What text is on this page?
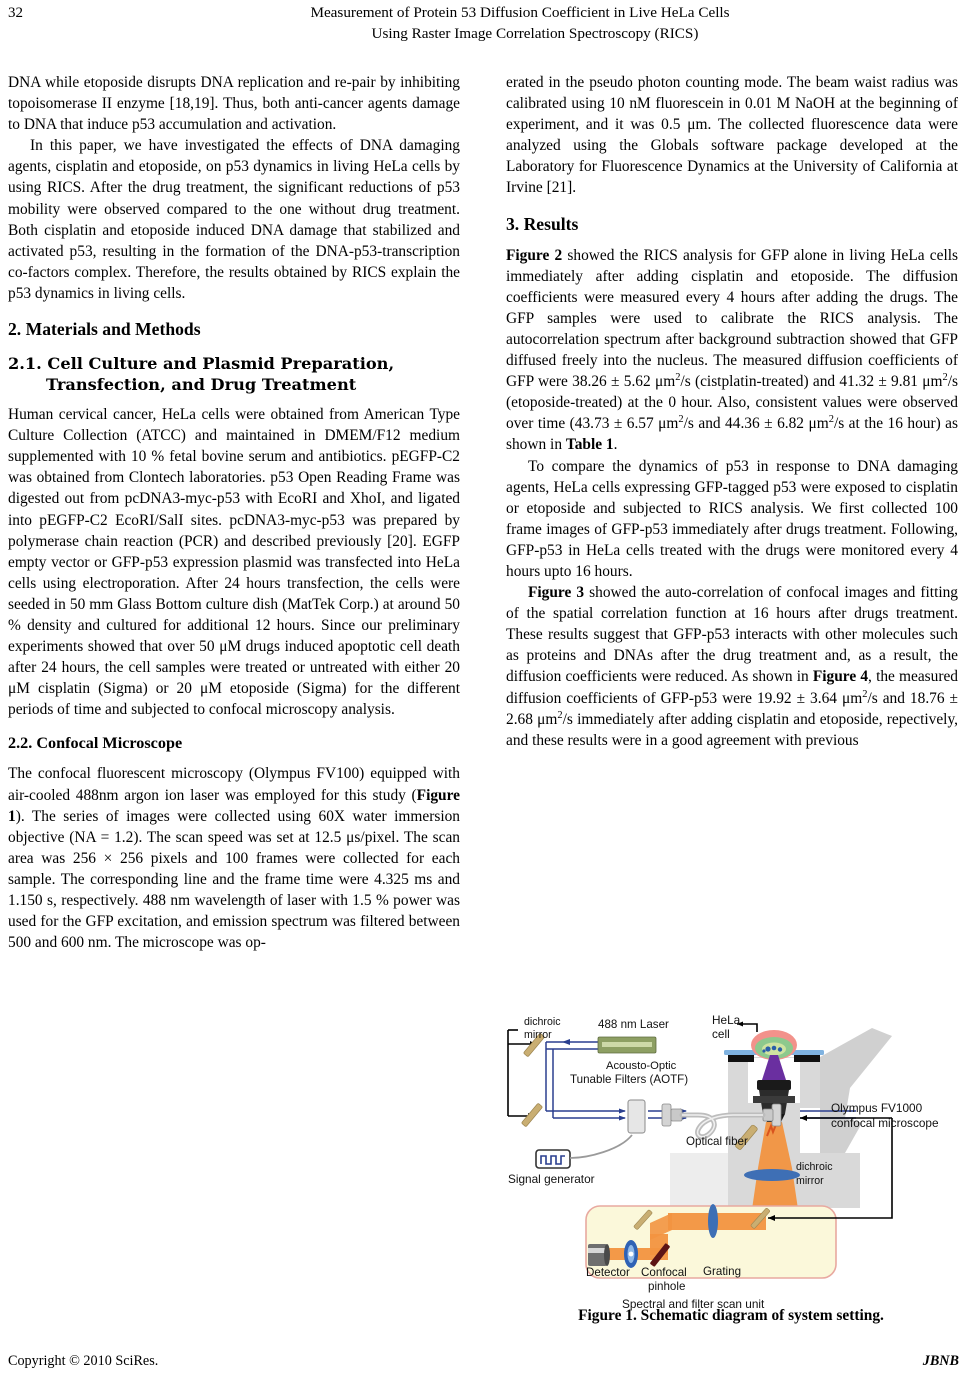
32	Measurement of Protein 53 Diffusion Coefficient in Live HeLa Cells
Using Raster Image Correlation Spectroscopy (RICS)

DNA while etoposide disrupts DNA replication and re-pair by inhibiting topoisomerase II enzyme [18,19]. Thus, both anti-cancer agents damage to DNA that induce p53 accumulation and activation.

In this paper, we have investigated the effects of DNA damaging agents, cisplatin and etoposide, on p53 dynamics in living HeLa cells by using RICS. After the drug treatment, the significant reductions of p53 mobility were observed compared to the one without drug treatment. Both cisplatin and etoposide induced DNA damage that stabilized and activated p53, resulting in the formation of the DNA-p53-transcription co-factors complex. Therefore, the results obtained by RICS explain the p53 dynamics in living cells.

2. Materials and Methods
2.1. Cell Culture and Plasmid Preparation,
Transfection, and Drug Treatment

Human cervical cancer, HeLa cells were obtained from American Type Culture Collection (ATCC) and maintained in DMEM/F12 medium supplemented with 10 % fetal bovine serum and antibiotics. pEGFP-C2 was obtained from Clontech laboratories. p53 Open Reading Frame was digested out from pcDNA3-myc-p53 with EcoRI and XhoI, and ligated into pEGFP-C2 EcoRI/SalI sites. pcDNA3-myc-p53 was prepared by polymerase chain reaction (PCR) and described previously [20]. EGFP empty vector or GFP-p53 expression plasmid was transfected into HeLa cells using electroporation. After 24 hours transfection, the cells were seeded in 50 mm Glass Bottom culture dish (MatTek Corp.) at around 50 % density and cultured for additional 12 hours. Since our preliminary experiments showed that over 50 μM drugs induced apoptotic cell death after 24 hours, the cell samples were treated or untreated with either 20 μM cisplatin (Sigma) or 20 μM etoposide (Sigma) for the different periods of time and subjected to confocal microscopy analysis.

2.2. Confocal Microscope

The confocal fluorescent microscopy (Olympus FV100) equipped with air-cooled 488nm argon ion laser was employed for this study (Figure 1). The series of images were collected using 60X water immersion objective (NA = 1.2). The scan speed was set at 12.5 μs/pixel. The scan area was 256 × 256 pixels and 100 frames were collected for each sample. The corresponding line and the frame time were 4.325 ms and 1.150 s, respectively. 488 nm wavelength of laser with 1.5 % power was used for the GFP excitation, and emission spectrum was filtered between 500 and 600 nm. The microscope was op-

erated in the pseudo photon counting mode. The beam waist radius was calibrated using 10 nM fluorescein in 0.01 M NaOH at the beginning of experiment, and it was 0.5 μm. The collected fluorescence data were analyzed using the Globals software package developed at the Laboratory for Fluorescence Dynamics at the University of California at Irvine [21].

3. Results

Figure 2 showed the RICS analysis for GFP alone in living HeLa cells immediately after adding cisplatin and etoposide. The diffusion coefficients were measured every 4 hours after adding the drugs. The GFP samples were used to calibrate the RICS analysis. The autocorrelation spectrum after background subtraction showed that GFP diffused freely into the nucleus. The measured diffusion coefficients of GFP were 38.26 ± 5.62 $\mu m^2/s$ (cistplatin-treated) and 41.32 ± 9.81 $\mu m^2/s$ (etoposide-treated) at the 0 hour. Also, consistent values were observed over time (43.73 ± 6.57 $\mu m^2/s$ and 44.36 ± 6.82 $\mu m^2/s$ at the 16 hour) as shown in Table 1.

To compare the dynamics of p53 in response to DNA damaging agents, HeLa cells expressing GFP-tagged p53 were exposed to cisplatin or etoposide and subjected to RICS analysis. We first collected 100 frame images of GFP-p53 immediately after drugs treatment. Following, GFP-p53 in HeLa cells treated with the drugs were monitored every 4 hours upto 16 hours.

Figure 3 showed the auto-correlation of confocal images and fitting of the spatial correlation function at 16 hours after drugs treatment. These results suggest that GFP-p53 interacts with other molecules such as proteins and DNAs after the drug treatment and, as a result, the diffusion coefficients were reduced. As shown in Figure 4, the measured diffusion coefficients of GFP-p53 were 19.92 ± 3.64 $\mu m^2/s$ and 18.76 ± 2.68 $\mu m^2/s$ immediately after adding cisplatin and etoposide, repectively, and these results were in a good agreement with previous

dichroic
mirror
488 nm Laser
Acousto-Optic
Tunable Filters (AOTF)
Optical fiber
Signal generator
HeLa
cell
Olympus FV1000
confocal microscope
dichroic
mirror
Detector Confocal
pinhole
Grating
Spectral and filter scan unit
Figure 1. Schematic diagram of system setting.
Copyright © 2010 SciRes.	JBNB
